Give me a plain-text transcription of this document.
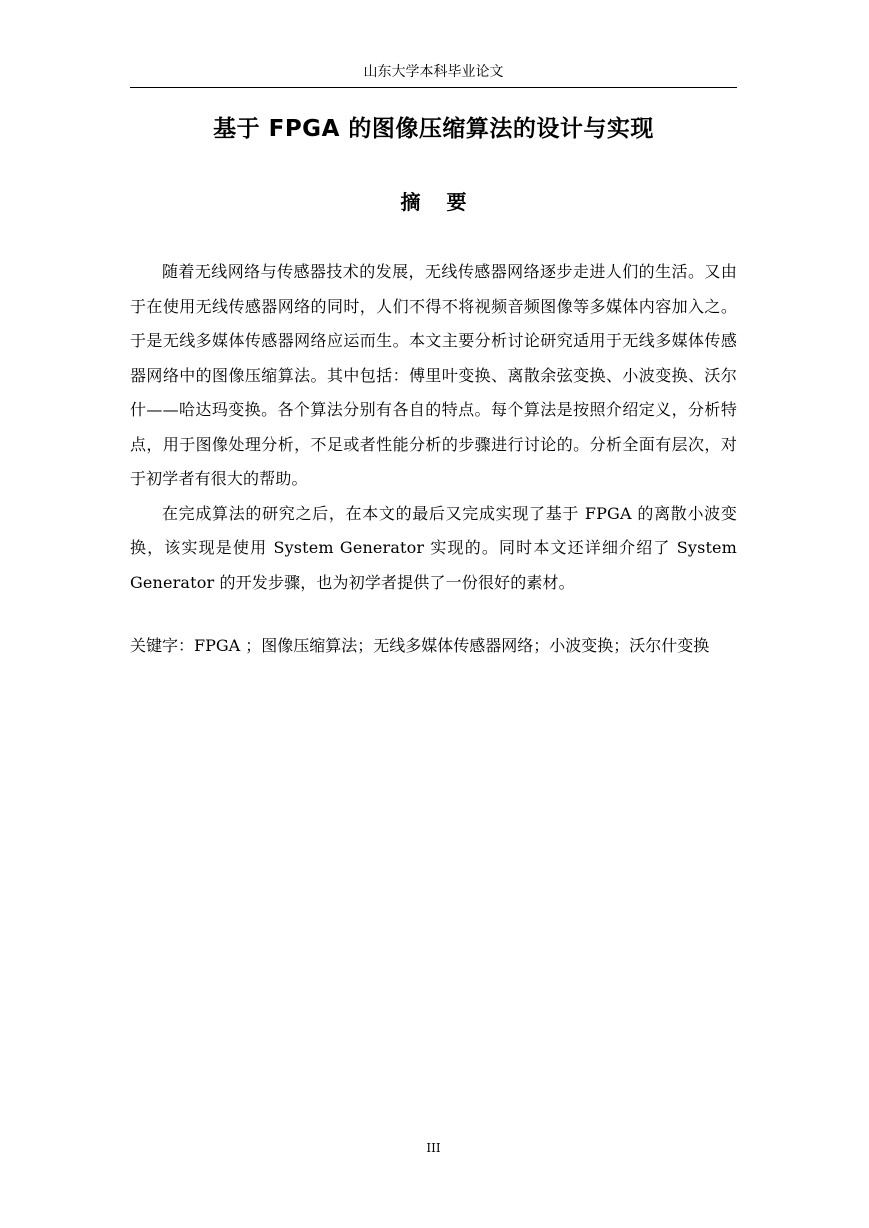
山东大学本科毕业论文
基于 FPGA 的图像压缩算法的设计与实现
摘要

随着无线网络与传感器技术的发展，无线传感器网络逐步走进人们的生活。又由于在使用无线传感器网络的同时，人们不得不将视频音频图像等多媒体内容加入之。于是无线多媒体传感器网络应运而生。本文主要分析讨论研究适用于无线多媒体传感器网络中的图像压缩算法。其中包括：傅里叶变换、离散余弦变换、小波变换、沃尔什——哈达玛变换。各个算法分别有各自的特点。每个算法是按照介绍定义，分析特点，用于图像处理分析，不足或者性能分析的步骤进行讨论的。分析全面有层次，对于初学者有很大的帮助。

在完成算法的研究之后，在本文的最后又完成实现了基于 FPGA 的离散小波变换，该实现是使用 System Generator 实现的。同时本文还详细介绍了 System Generator 的开发步骤，也为初学者提供了一份很好的素材。

关键字：FPGA ；图像压缩算法；无线多媒体传感器网络；小波变换；沃尔什变换
III
